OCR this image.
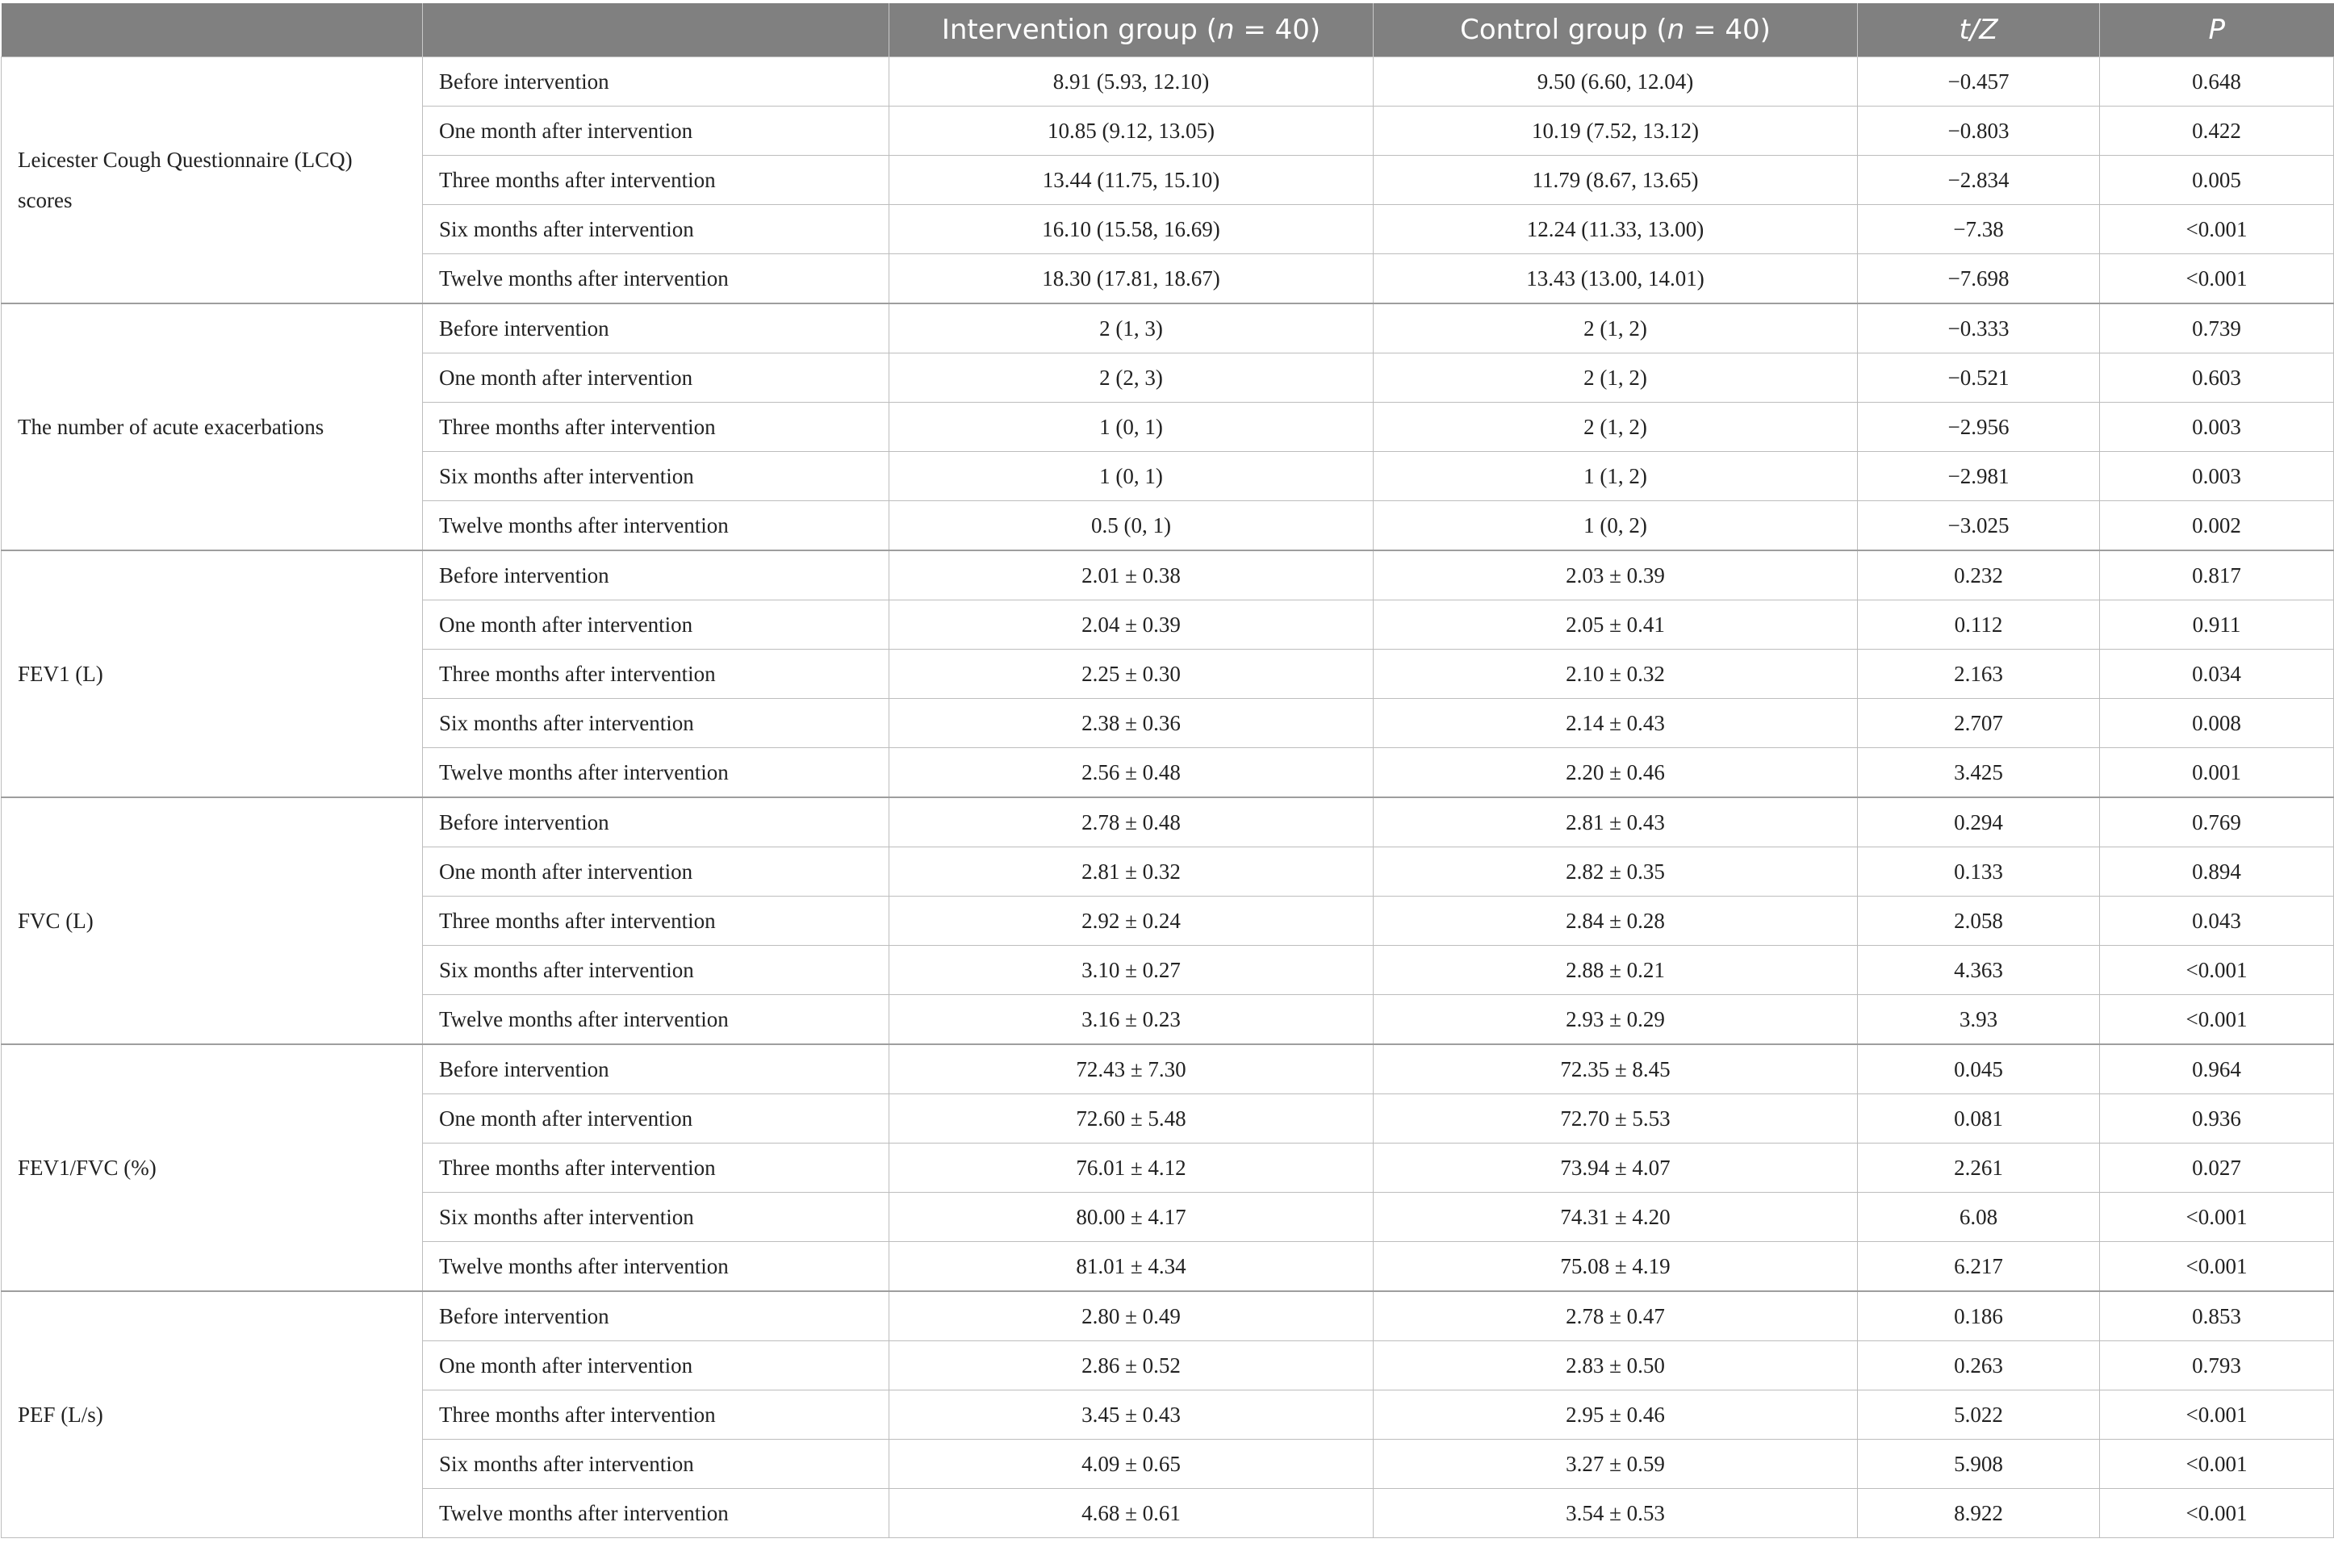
		Intervention group (n = 40)	Control group (n = 40)	t/Z	P
Leicester Cough Questionnaire (LCQ) scores	Before intervention	8.91 (5.93, 12.10)	9.50 (6.60, 12.04)	−0.457	0.648
	One month after intervention	10.85 (9.12, 13.05)	10.19 (7.52, 13.12)	−0.803	0.422
	Three months after intervention	13.44 (11.75, 15.10)	11.79 (8.67, 13.65)	−2.834	0.005
	Six months after intervention	16.10 (15.58, 16.69)	12.24 (11.33, 13.00)	−7.38	<0.001
	Twelve months after intervention	18.30 (17.81, 18.67)	13.43 (13.00, 14.01)	−7.698	<0.001
The number of acute exacerbations	Before intervention	2 (1, 3)	2 (1, 2)	−0.333	0.739
	One month after intervention	2 (2, 3)	2 (1, 2)	−0.521	0.603
	Three months after intervention	1 (0, 1)	2 (1, 2)	−2.956	0.003
	Six months after intervention	1 (0, 1)	1 (1, 2)	−2.981	0.003
	Twelve months after intervention	0.5 (0, 1)	1 (0, 2)	−3.025	0.002
FEV1 (L)	Before intervention	2.01 ± 0.38	2.03 ± 0.39	0.232	0.817
	One month after intervention	2.04 ± 0.39	2.05 ± 0.41	0.112	0.911
	Three months after intervention	2.25 ± 0.30	2.10 ± 0.32	2.163	0.034
	Six months after intervention	2.38 ± 0.36	2.14 ± 0.43	2.707	0.008
	Twelve months after intervention	2.56 ± 0.48	2.20 ± 0.46	3.425	0.001
FVC (L)	Before intervention	2.78 ± 0.48	2.81 ± 0.43	0.294	0.769
	One month after intervention	2.81 ± 0.32	2.82 ± 0.35	0.133	0.894
	Three months after intervention	2.92 ± 0.24	2.84 ± 0.28	2.058	0.043
	Six months after intervention	3.10 ± 0.27	2.88 ± 0.21	4.363	<0.001
	Twelve months after intervention	3.16 ± 0.23	2.93 ± 0.29	3.93	<0.001
FEV1/FVC (%)	Before intervention	72.43 ± 7.30	72.35 ± 8.45	0.045	0.964
	One month after intervention	72.60 ± 5.48	72.70 ± 5.53	0.081	0.936
	Three months after intervention	76.01 ± 4.12	73.94 ± 4.07	2.261	0.027
	Six months after intervention	80.00 ± 4.17	74.31 ± 4.20	6.08	<0.001
	Twelve months after intervention	81.01 ± 4.34	75.08 ± 4.19	6.217	<0.001
PEF (L/s)	Before intervention	2.80 ± 0.49	2.78 ± 0.47	0.186	0.853
	One month after intervention	2.86 ± 0.52	2.83 ± 0.50	0.263	0.793
	Three months after intervention	3.45 ± 0.43	2.95 ± 0.46	5.022	<0.001
	Six months after intervention	4.09 ± 0.65	3.27 ± 0.59	5.908	<0.001
	Twelve months after intervention	4.68 ± 0.61	3.54 ± 0.53	8.922	<0.001
